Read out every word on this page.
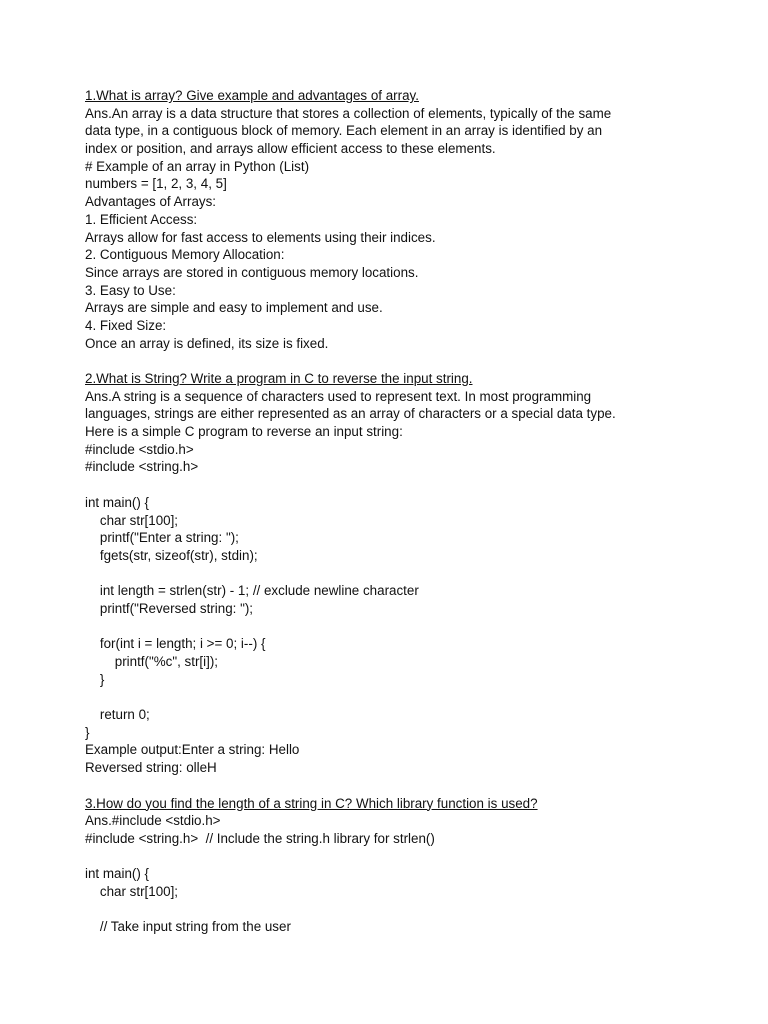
1.What is array? Give example and advantages of array.
Ans.An array is a data structure that stores a collection of elements, typically of the same
data type, in a contiguous block of memory. Each element in an array is identified by an
index or position, and arrays allow efficient access to these elements.
# Example of an array in Python (List)
numbers = [1, 2, 3, 4, 5]
Advantages of Arrays:
1. Efficient Access:
Arrays allow for fast access to elements using their indices.
2. Contiguous Memory Allocation:
Since arrays are stored in contiguous memory locations.
3. Easy to Use:
Arrays are simple and easy to implement and use.
4. Fixed Size:
Once an array is defined, its size is fixed.
2.What is String? Write a program in C to reverse the input string.
Ans.A string is a sequence of characters used to represent text. In most programming
languages, strings are either represented as an array of characters or a special data type.
Here is a simple C program to reverse an input string:
#include <stdio.h>
#include <string.h>
int main() {
char str[100];
printf("Enter a string: ");
fgets(str, sizeof(str), stdin);
int length = strlen(str) - 1; // exclude newline character
printf("Reversed string: ");
for(int i = length; i >= 0; i--) {
printf("%c", str[i]);
}
return 0;
}
Example output:Enter a string: Hello
Reversed string: olleH
3.How do you find the length of a string in C? Which library function is used?
Ans.#include <stdio.h>
#include <string.h>  // Include the string.h library for strlen()
int main() {
char str[100];
// Take input string from the user
